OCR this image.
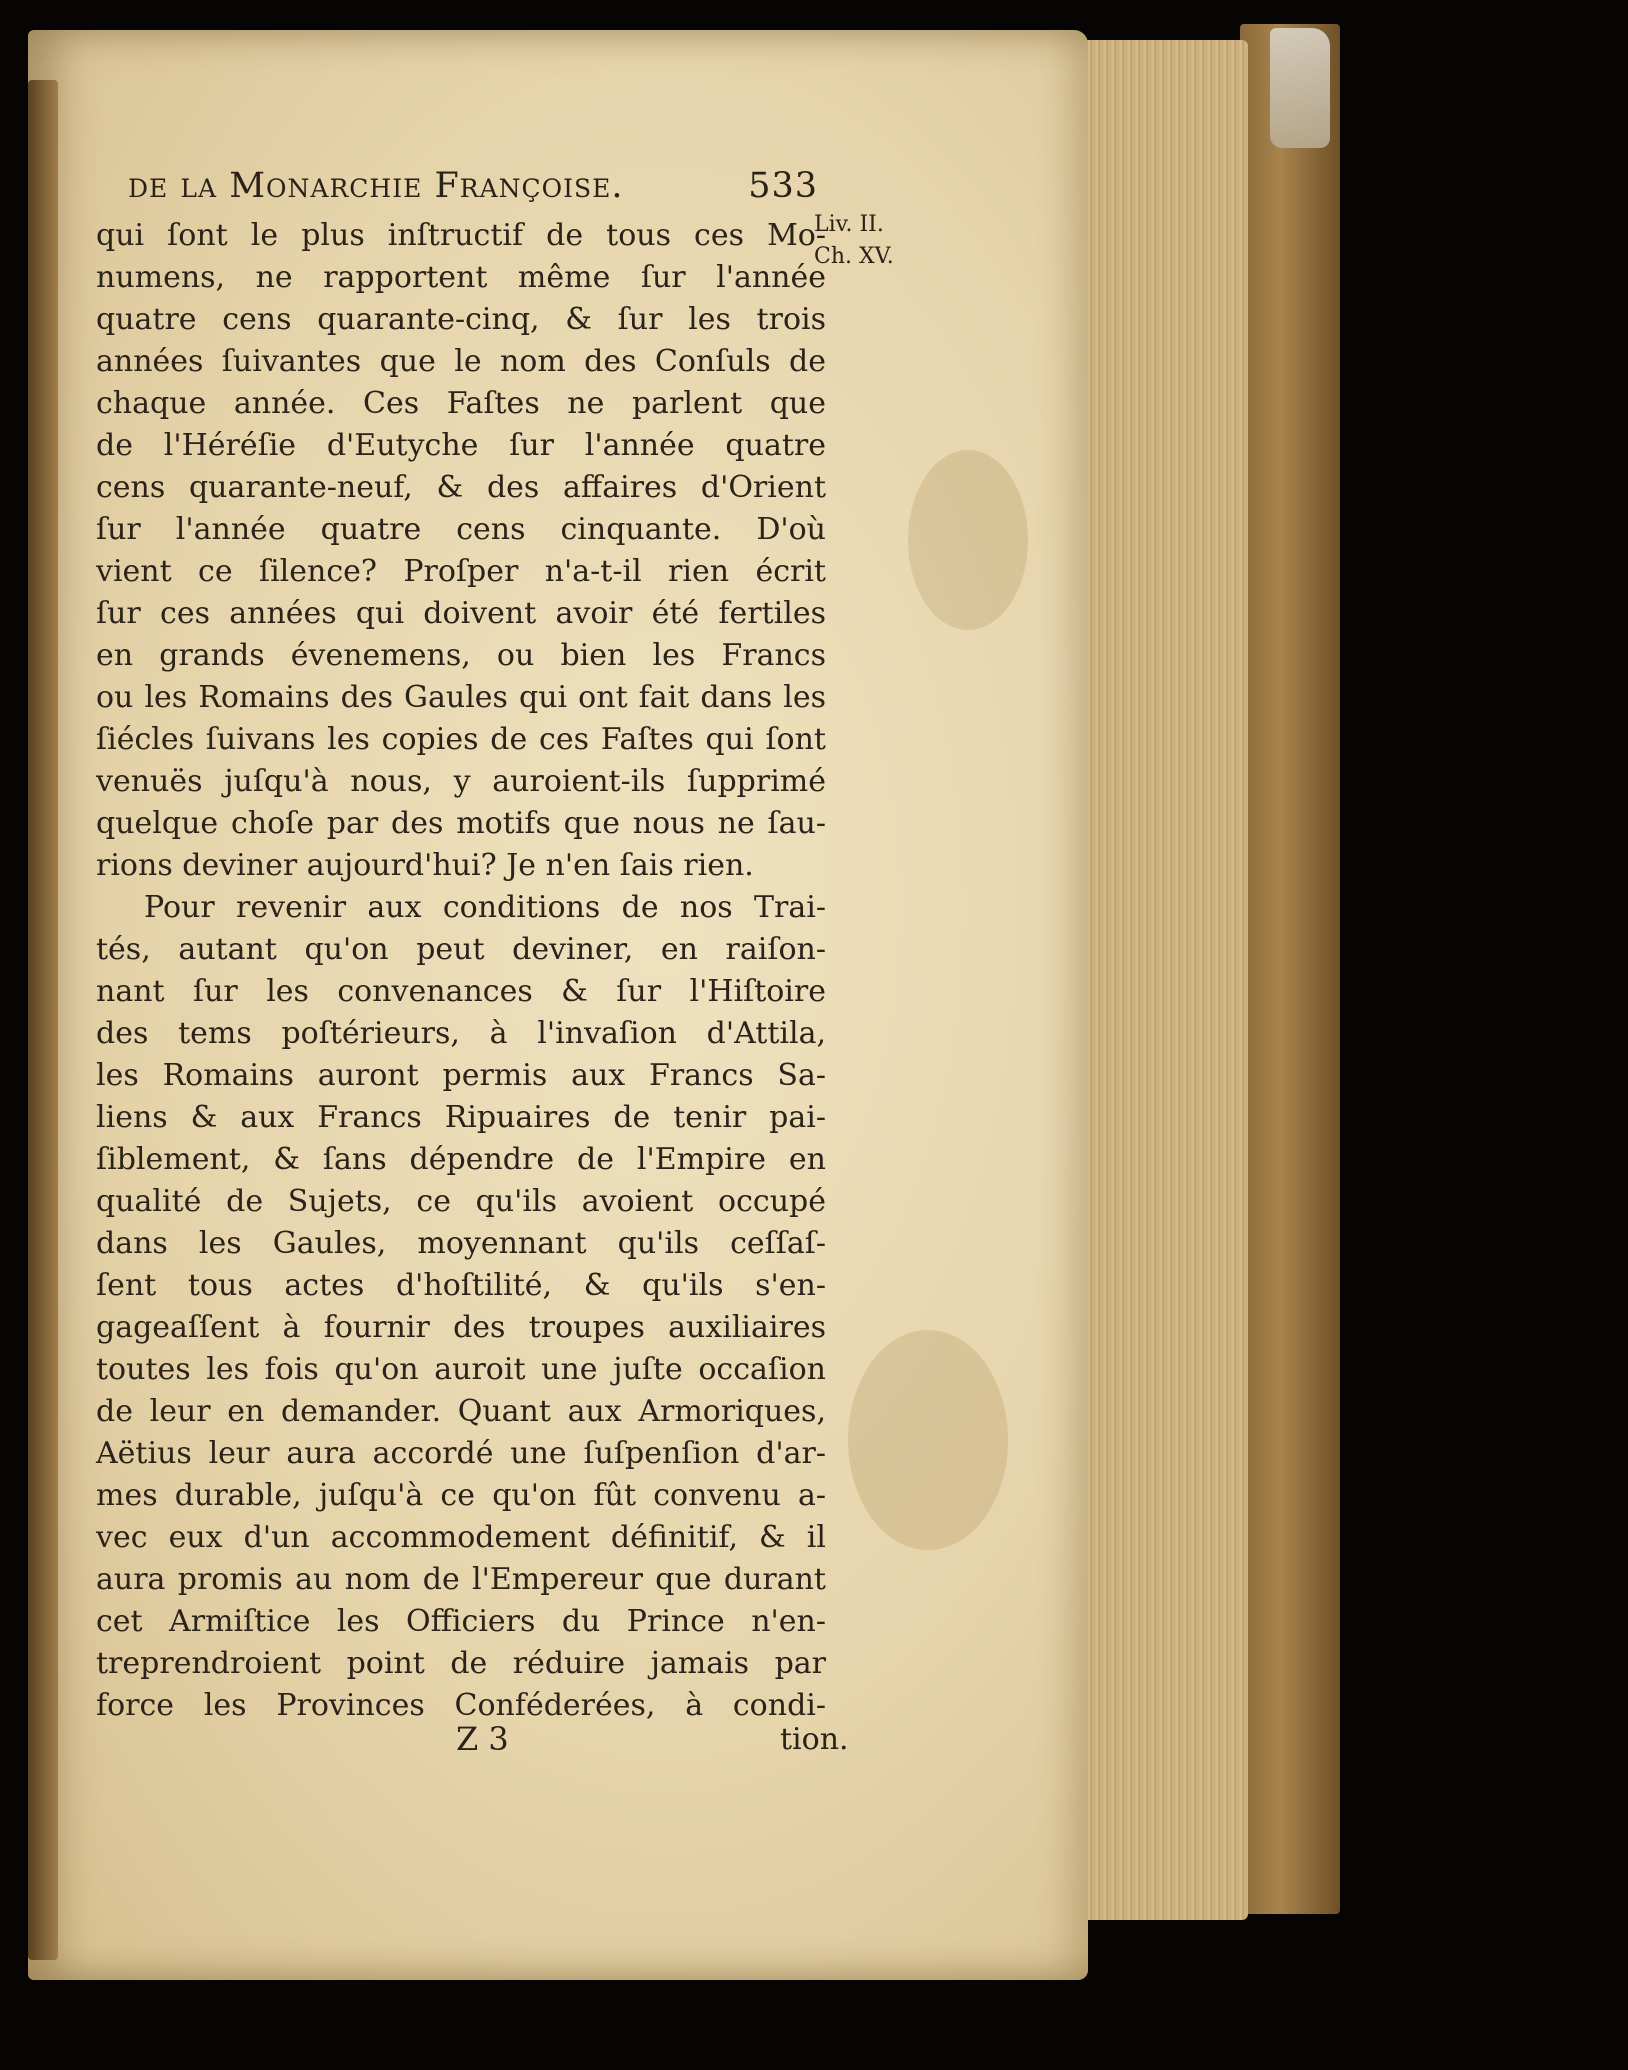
de la Monarchie Françoise.	533
Liv. II.
Ch. XV.
qui ſont le plus inſtructif de tous ces Mo-
numens, ne rapportent même ſur l'année
quatre cens quarante-cinq, & ſur les trois
années ſuivantes que le nom des Conſuls de
chaque année. Ces Faſtes ne parlent que
de l'Héréſie d'Eutyche ſur l'année quatre
cens quarante-neuf, & des affaires d'Orient
ſur l'année quatre cens cinquante. D'où
vient ce ſilence? Proſper n'a-t-il rien écrit
ſur ces années qui doivent avoir été fertiles
en grands évenemens, ou bien les Francs
ou les Romains des Gaules qui ont fait dans les
ſiécles ſuivans les copies de ces Faſtes qui ſont
venuës juſqu'à nous, y auroient-ils ſupprimé
quelque choſe par des motifs que nous ne ſau-
rions deviner aujourd'hui? Je n'en ſais rien.
Pour revenir aux conditions de nos Trai-
tés, autant qu'on peut deviner, en raiſon-
nant ſur les convenances & ſur l'Hiſtoire
des tems poſtérieurs, à l'invaſion d'Attila,
les Romains auront permis aux Francs Sa-
liens & aux Francs Ripuaires de tenir pai-
ſiblement, & ſans dépendre de l'Empire en
qualité de Sujets, ce qu'ils avoient occupé
dans les Gaules, moyennant qu'ils ceſſaſ-
ſent tous actes d'hoſtilité, & qu'ils s'en-
gageaſſent à fournir des troupes auxiliaires
toutes les fois qu'on auroit une juſte occaſion
de leur en demander. Quant aux Armoriques,
Aëtius leur aura accordé une ſuſpenſion d'ar-
mes durable, juſqu'à ce qu'on fût convenu a-
vec eux d'un accommodement définitif, & il
aura promis au nom de l'Empereur que durant
cet Armiſtice les Officiers du Prince n'en-
treprendroient point de réduire jamais par
force les Provinces Conféderées, à condi-
Z 3	tion.
